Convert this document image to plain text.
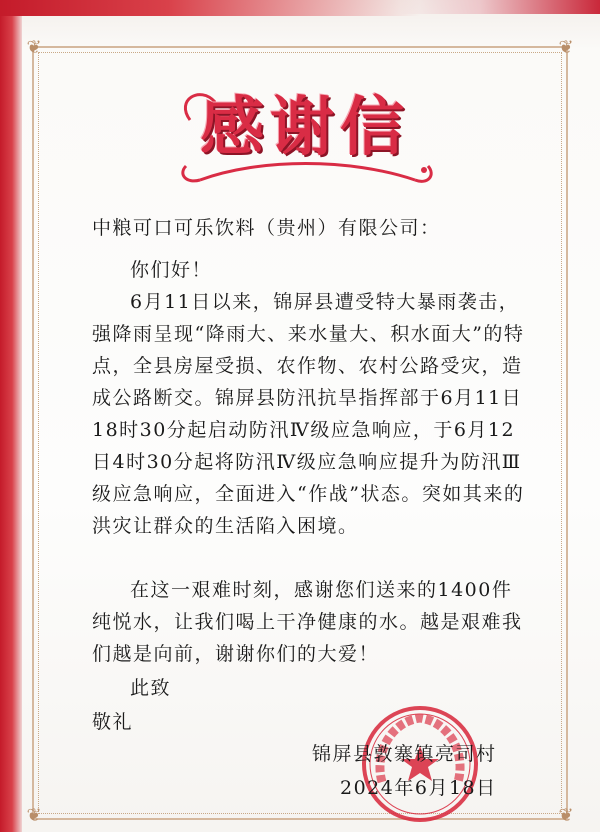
❦	❦
❦	❦
感谢信
中粮可口可乐饮料（贵州）有限公司：
你们好！
6月11日以来，锦屏县遭受特大暴雨袭击，强降雨呈现“降雨大、来水量大、积水面大”的特点，全县房屋受损、农作物、农村公路受灾，造成公路断交。锦屏县防汛抗旱指挥部于6月11日18时30分起启动防汛Ⅳ级应急响应，于6月12日4时30分起将防汛Ⅳ级应急响应提升为防汛Ⅲ级应急响应，全面进入“作战”状态。突如其来的洪灾让群众的生活陷入困境。
在这一艰难时刻，感谢您们送来的1400件纯悦水，让我们喝上干净健康的水。越是艰难我们越是向前，谢谢你们的大爱！
此致
敬礼
锦屏县敦寨镇亮司村
2024年6月18日
